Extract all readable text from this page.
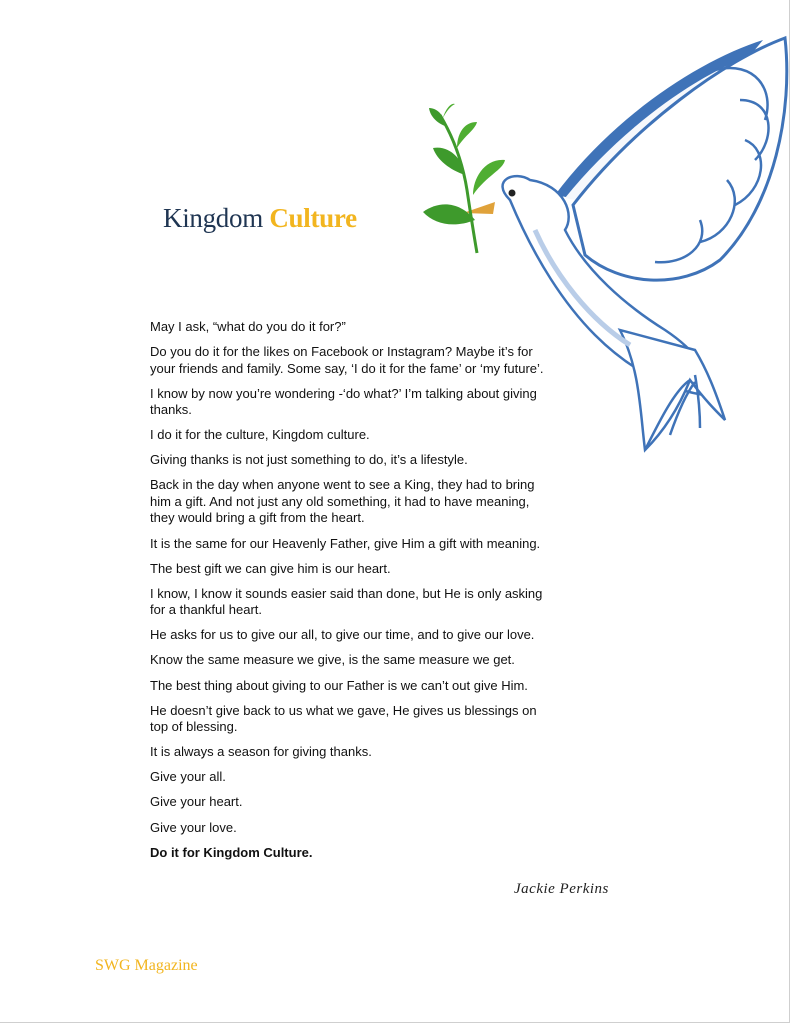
Kingdom Culture

May I ask, “what do you do it for?”

Do you do it for the likes on Facebook or Instagram? Maybe it’s for your friends and family. Some say, ‘I do it for the fame’ or ‘my future’.

I know by now you’re wondering -‘do what?’ I’m talking about giving thanks.

I do it for the culture, Kingdom culture.

Giving thanks is not just something to do, it’s a lifestyle.

Back in the day when anyone went to see a King, they had to bring him a gift. And not just any old something, it had to have meaning, they would bring a gift from the heart.

It is the same for our Heavenly Father, give Him a gift with meaning.

The best gift we can give him is our heart.

I know, I know it sounds easier said than done, but He is only asking for a thankful heart.

He asks for us to give our all, to give our time, and to give our love.

Know the same measure we give, is the same measure we get.

The best thing about giving to our Father is we can’t out give Him.

He doesn’t give back to us what we gave, He gives us blessings on top of blessing.

It is always a season for giving thanks.

Give your all.

Give your heart.

Give your love.

Do it for Kingdom Culture.

Jackie Perkins
SWG Magazine
